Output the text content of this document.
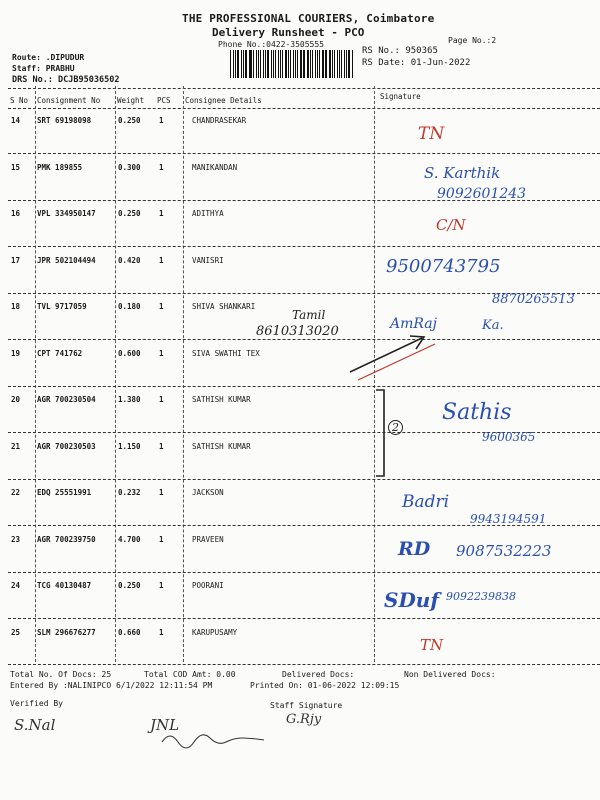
THE PROFESSIONAL COURIERS, Coimbatore
Delivery Runsheet - PCO
Phone No.:0422-3505555	Page No.:2
RS No.: 950365
RS Date: 01-Jun-2022
Route: .DIPUDUR
Staff: PRABHU
DRS No.: DCJB95036502
S No Consignment No Weight PCS Consignee Details	Signature
14 SRT 69198098	0.250 1	CHANDRASEKAR
15 PMK 189855	0.300 1	MANIKANDAN
16 VPL 334950147	0.250 1	ADITHYA
17 JPR 502104494	0.420 1	VANISRI
18 TVL 9717059	0.180 1	SHIVA SHANKARI
19 CPT 741762	0.600 1	SIVA SWATHI TEX
20 AGR 700230504	1.380 1	SATHISH KUMAR
21 AGR 700230503	1.150 1	SATHISH KUMAR
22 EDQ 25551991	0.232 1	JACKSON
23 AGR 700239750	4.700 1	PRAVEEN
24 TCG 40130487	0.250 1	POORANI
25 SLM 296676277	0.660 1	KARUPUSAMY
TN
S. Karthik
9092601243
C/N
9500743795
8870265513
Tamil
8610313020	AmRaj	Ka.
2
Sathis
9600365
Badri
9943194591
RD 9087532223
SDuf 9092239838
TN
Total No. Of Docs: 25	Total COD Amt: 0.00	Delivered Docs:	Non Delivered Docs:
Entered By :NALINIPCO 6/1/2022 12:11:54 PM	Printed On: 01-06-2022 12:09:15
Verified By	Staff Signature
S.Nal	JNL	G.Rjy
